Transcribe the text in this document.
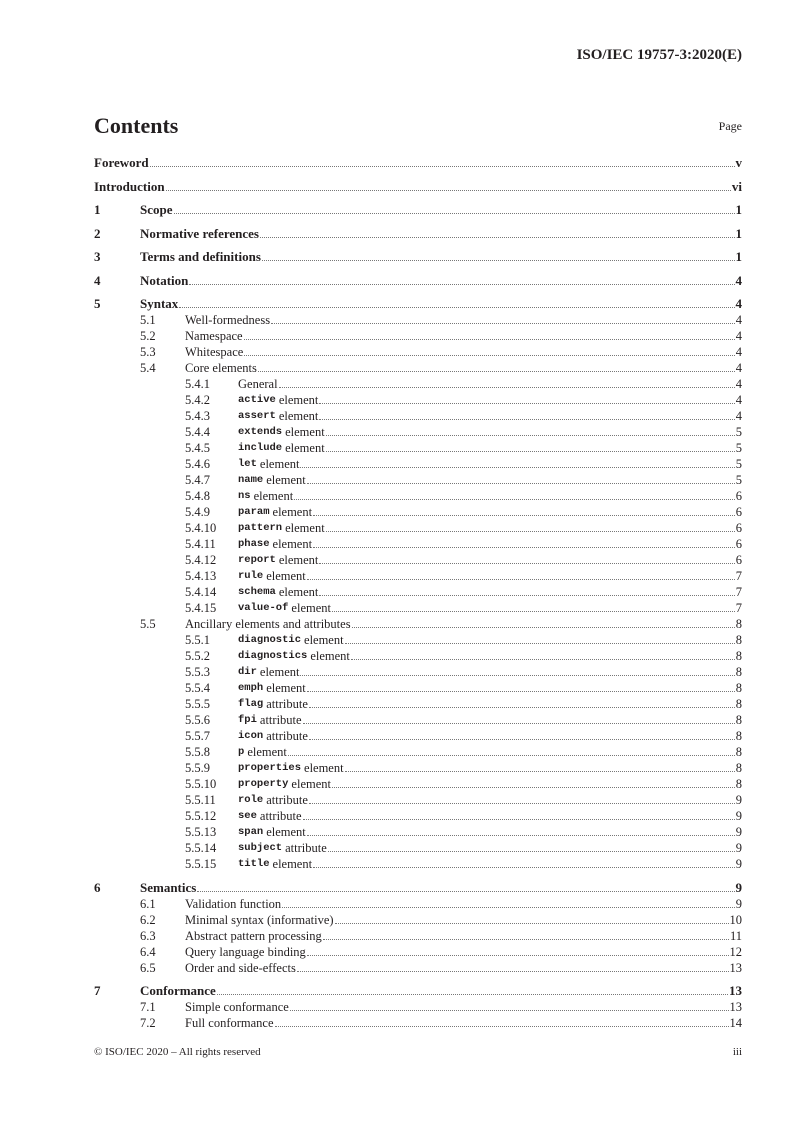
ISO/IEC 19757-3:2020(E)
Contents	Page
Foreword	v
Introduction	vi
1	Scope	1
2	Normative references	1
3	Terms and definitions	1
4	Notation	4
5	Syntax	4
5.1 Well-formedness	4
5.2 Namespace	4
5.3 Whitespace	4
5.4 Core elements	4
5.4.1 General	4
5.4.2	active element	4
5.4.3	assert element	4
5.4.4	extends element	5
5.4.5	include element	5
5.4.6	let element	5
5.4.7	name element	5
5.4.8	ns element	6
5.4.9	param element	6
5.4.10 pattern element	6
5.4.11 phase element	6
5.4.12 report element	6
5.4.13 rule element	7
5.4.14 schema element	7
5.4.15 value-of element	7
5.5 Ancillary elements and attributes	8
5.5.1	diagnostic element	8
5.5.2	diagnostics element	8
5.5.3	dir element	8
5.5.4	emph element	8
5.5.5	flag attribute	8
5.5.6	fpi attribute	8
5.5.7	icon attribute	8
5.5.8	p element	8
5.5.9	properties element	8
5.5.10 property element	8
5.5.11 role attribute	9
5.5.12 see attribute	9
5.5.13 span element	9
5.5.14 subject attribute	9
5.5.15 title element	9
6	Semantics	9
6.1 Validation function	9
6.2 Minimal syntax (informative)	10
6.3 Abstract pattern processing	11
6.4 Query language binding	12
6.5 Order and side-effects	13
7	Conformance	13
7.1 Simple conformance	13
7.2 Full conformance	14
© ISO/IEC 2020 – All rights reserved	iii
